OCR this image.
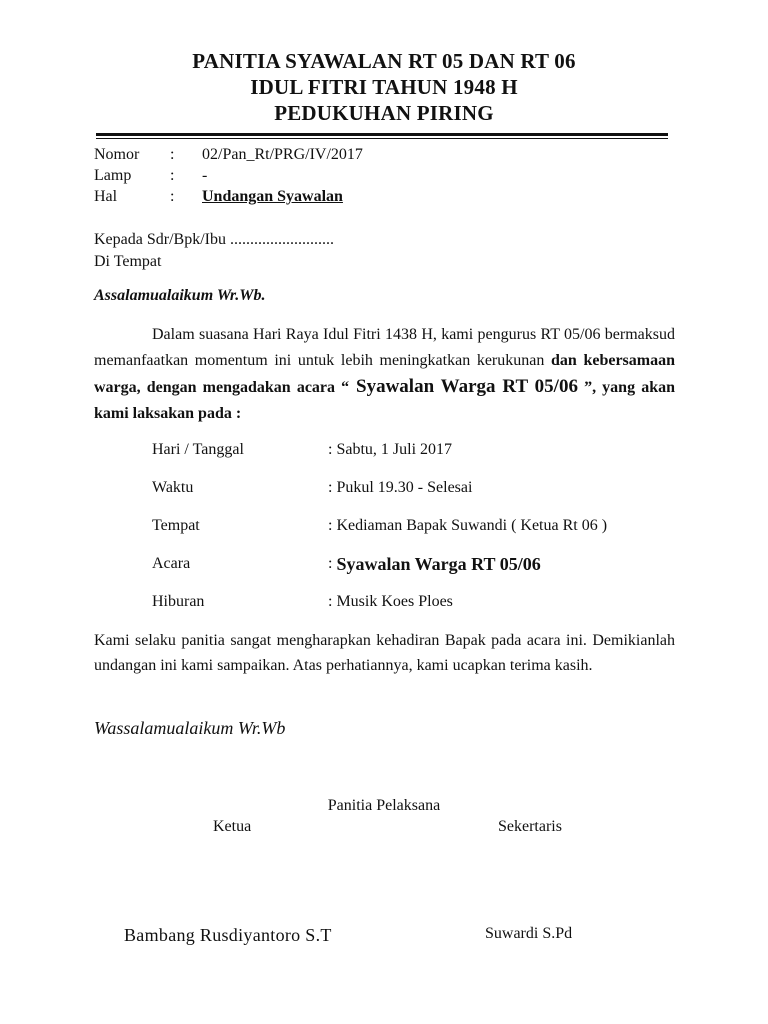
PANITIA SYAWALAN RT 05 DAN RT 06
IDUL FITRI TAHUN 1948 H
PEDUKUHAN PIRING
Nomor	:	02/Pan_Rt/PRG/IV/2017
Lamp	:	-
Hal	:	Undangan Syawalan
Kepada Sdr/Bpk/Ibu ..........................
Di Tempat
Assalamualaikum Wr.Wb.
Dalam suasana Hari Raya Idul Fitri 1438 H, kami pengurus RT 05/06 bermaksud memanfaatkan momentum ini untuk lebih meningkatkan kerukunan dan kebersamaan warga, dengan mengadakan acara “ Syawalan Warga RT 05/06 ”, yang akan kami laksakan pada :
Hari / Tanggal	: Sabtu, 1 Juli 2017
Waktu	: Pukul 19.30 - Selesai
Tempat	: Kediaman Bapak Suwandi ( Ketua Rt 06 )
Acara	: Syawalan Warga RT 05/06
Hiburan	: Musik Koes Ploes
Kami selaku panitia sangat mengharapkan kehadiran Bapak pada acara ini. Demikianlah undangan ini kami sampaikan. Atas perhatiannya, kami ucapkan terima kasih.
Wassalamualaikum Wr.Wb
Panitia Pelaksana
Ketua	Sekertaris
Bambang Rusdiyantoro S.T	Suwardi S.Pd
